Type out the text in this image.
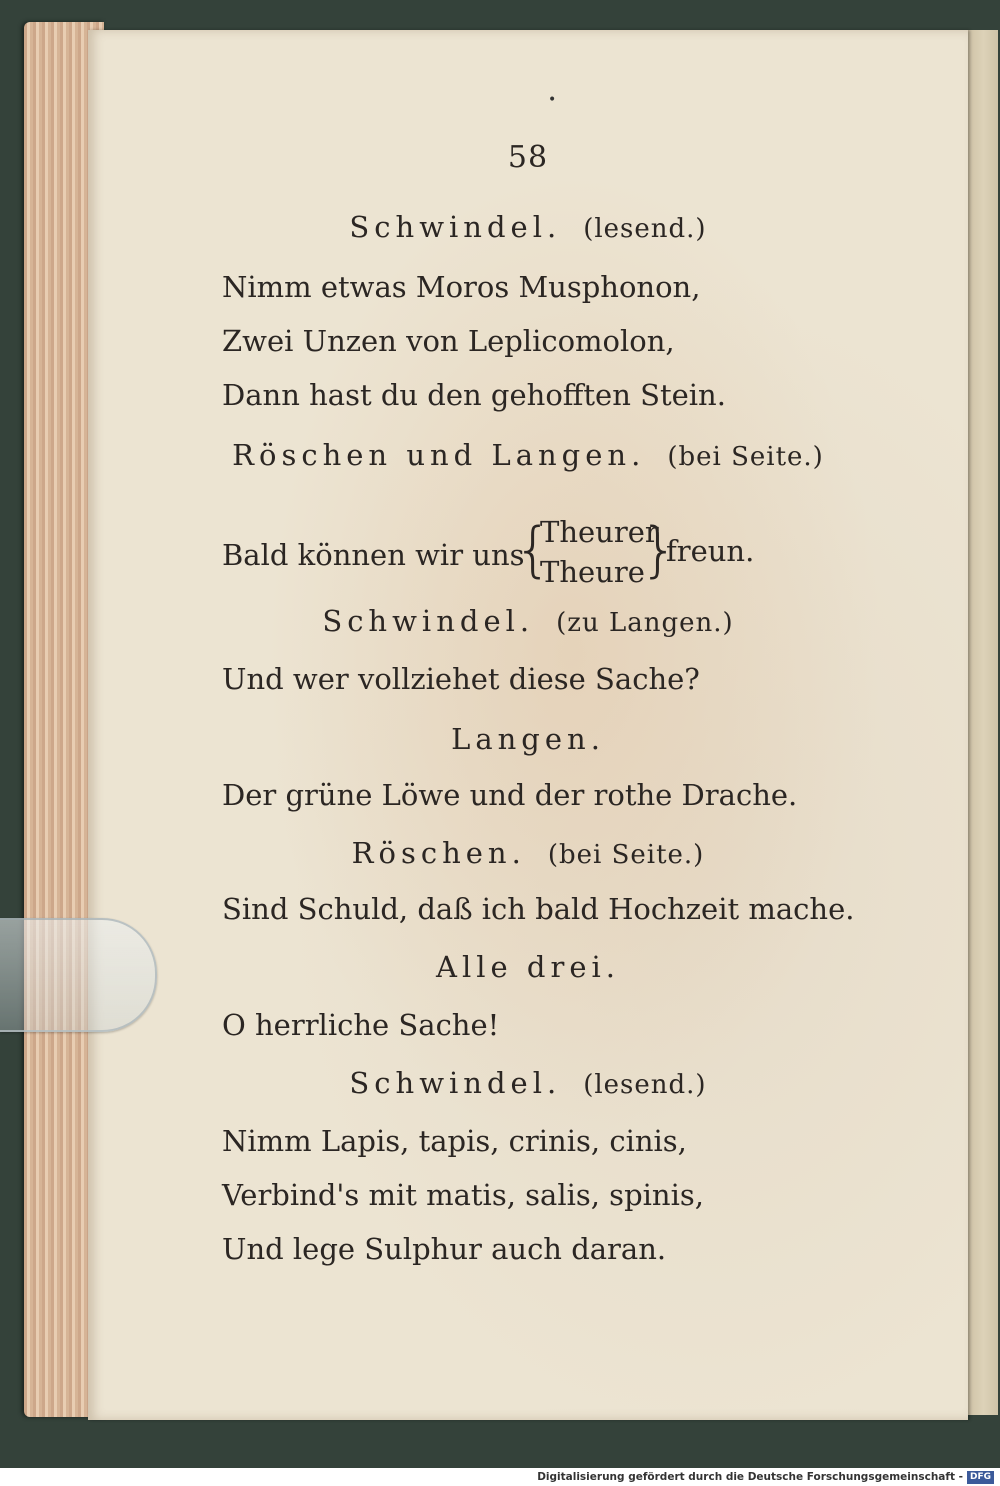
•
58
Schwindel. (lesend.)
Nimm etwas Moros Musphonon,
Zwei Unzen von Leplicomolon,
Dann hast du den gehofften Stein.
Röschen und Langen. (bei Seite.)
Bald können wir uns
{
Theurer
Theure
}
freun.
Schwindel. (zu Langen.)
Und wer vollziehet diese Sache?
Langen.
Der grüne Löwe und der rothe Drache.
Röschen. (bei Seite.)
Sind Schuld, daß ich bald Hochzeit mache.
Alle drei.
O herrliche Sache!
Schwindel. (lesend.)
Nimm Lapis, tapis, crinis, cinis,
Verbind's mit matis, salis, spinis,
Und lege Sulphur auch daran.
Digitalisierung gefördert durch die Deutsche Forschungsgemeinschaft - DFG
